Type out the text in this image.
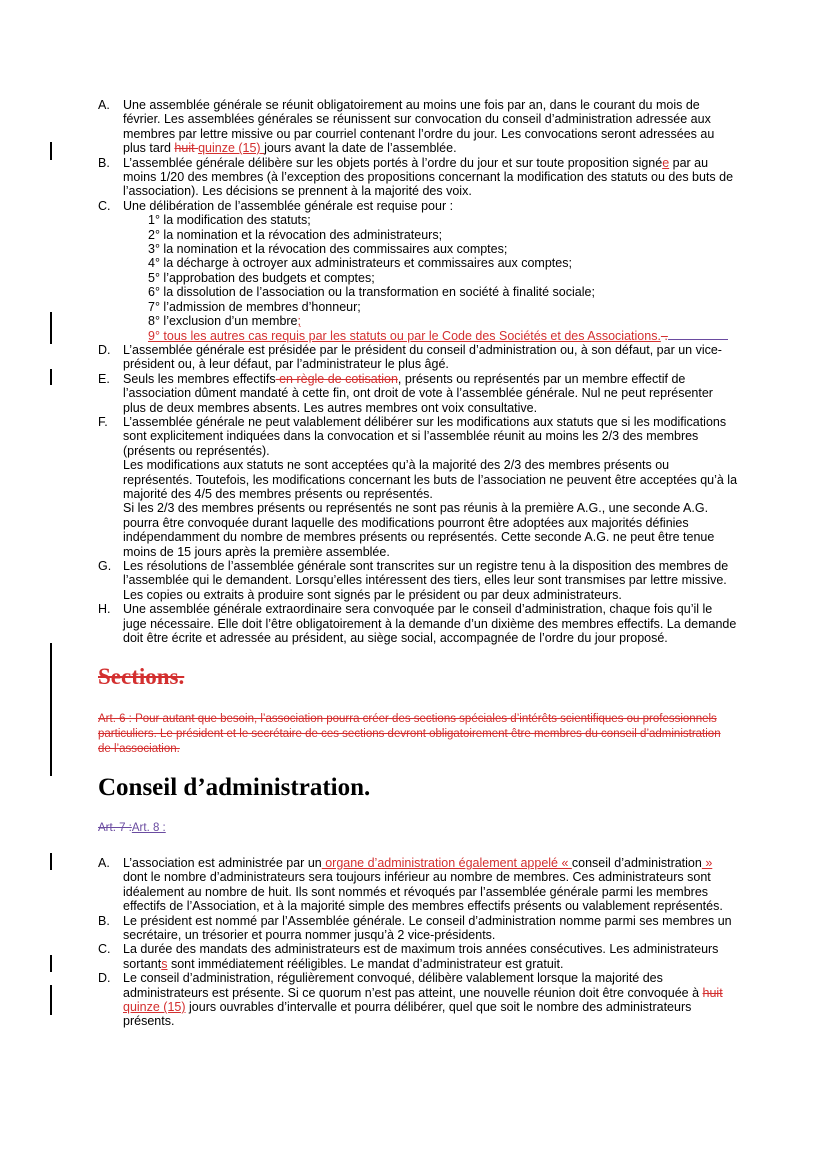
A. Une assemblée générale se réunit obligatoirement au moins une fois par an, dans le courant du mois de février. Les assemblées générales se réunissent sur convocation du conseil d’administration adressée aux membres par lettre missive ou par courriel contenant l’ordre du jour. Les convocations seront adressées au plus tard huit quinze (15) jours avant la date de l’assemblée.
B. L’assemblée générale délibère sur les objets portés à l’ordre du jour et sur toute proposition signée par au moins 1/20 des membres (à l’exception des propositions concernant la modification des statuts ou des buts de l’association). Les décisions se prennent à la majorité des voix.
C. Une délibération de l’assemblée générale est requise pour :
1° la modification des statuts;
2° la nomination et la révocation des administrateurs;
3° la nomination et la révocation des commissaires aux comptes;
4° la décharge à octroyer aux administrateurs et commissaires aux comptes;
5° l’approbation des budgets et comptes;
6° la dissolution de l’association ou la transformation en société à finalité sociale;
7° l’admission de membres d’honneur;
8° l’exclusion d’un membre;
9° tous les autres cas requis par les statuts ou par le Code des Sociétés et des Associations. .
D. L’assemblée générale est présidée par le président du conseil d’administration ou, à son défaut, par un vice-président ou, à leur défaut, par l’administrateur le plus âgé.
E. Seuls les membres effectifs en règle de cotisation, présents ou représentés par un membre effectif de l’association dûment mandaté à cette fin, ont droit de vote à l’assemblée générale. Nul ne peut représenter plus de deux membres absents. Les autres membres ont voix consultative.
F. L’assemblée générale ne peut valablement délibérer sur les modifications aux statuts que si les modifications sont explicitement indiquées dans la convocation et si l’assemblée réunit au moins les 2/3 des membres (présents ou représentés).
Les modifications aux statuts ne sont acceptées qu’à la majorité des 2/3 des membres présents ou représentés. Toutefois, les modifications concernant les buts de l’association ne peuvent être acceptées qu’à la majorité des 4/5 des membres présents ou représentés.
Si les 2/3 des membres présents ou représentés ne sont pas réunis à la première A.G., une seconde A.G. pourra être convoquée durant laquelle des modifications pourront être adoptées aux majorités définies indépendamment du nombre de membres présents ou représentés. Cette seconde A.G. ne peut être tenue moins de 15 jours après la première assemblée.
G. Les résolutions de l’assemblée générale sont transcrites sur un registre tenu à la disposition des membres de l’assemblée qui le demandent. Lorsqu’elles intéressent des tiers, elles leur sont transmises par lettre missive. Les copies ou extraits à produire sont signés par le président ou par deux administrateurs.
H. Une assemblée générale extraordinaire sera convoquée par le conseil d’administration, chaque fois qu’il le juge nécessaire. Elle doit l’être obligatoirement à la demande d’un dixième des membres effectifs. La demande doit être écrite et adressée au président, au siège social, accompagnée de l’ordre du jour proposé.
Sections.

Art. 6 : Pour autant que besoin, l’association pourra créer des sections spéciales d’intérêts scientifiques ou professionnels particuliers. Le président et le secrétaire de ces sections devront obligatoirement être membres du conseil d’administration de l’association.

Conseil d’administration.

Art. 7 :Art. 8 :

A. L’association est administrée par un organe d’administration également appelé « conseil d’administration » dont le nombre d’administrateurs sera toujours inférieur au nombre de membres. Ces administrateurs sont idéalement au nombre de huit. Ils sont nommés et révoqués par l’assemblée générale parmi les membres effectifs de l’Association, et à la majorité simple des membres effectifs présents ou valablement représentés.
B. Le président est nommé par l’Assemblée générale. Le conseil d’administration nomme parmi ses membres un secrétaire, un trésorier et pourra nommer jusqu’à 2 vice-présidents.
C. La durée des mandats des administrateurs est de maximum trois années consécutives. Les administrateurs sortants sont immédiatement rééligibles. Le mandat d’administrateur est gratuit.
D. Le conseil d’administration, régulièrement convoqué, délibère valablement lorsque la majorité des administrateurs est présente. Si ce quorum n’est pas atteint, une nouvelle réunion doit être convoquée à huit quinze (15) jours ouvrables d’intervalle et pourra délibérer, quel que soit le nombre des administrateurs présents.
